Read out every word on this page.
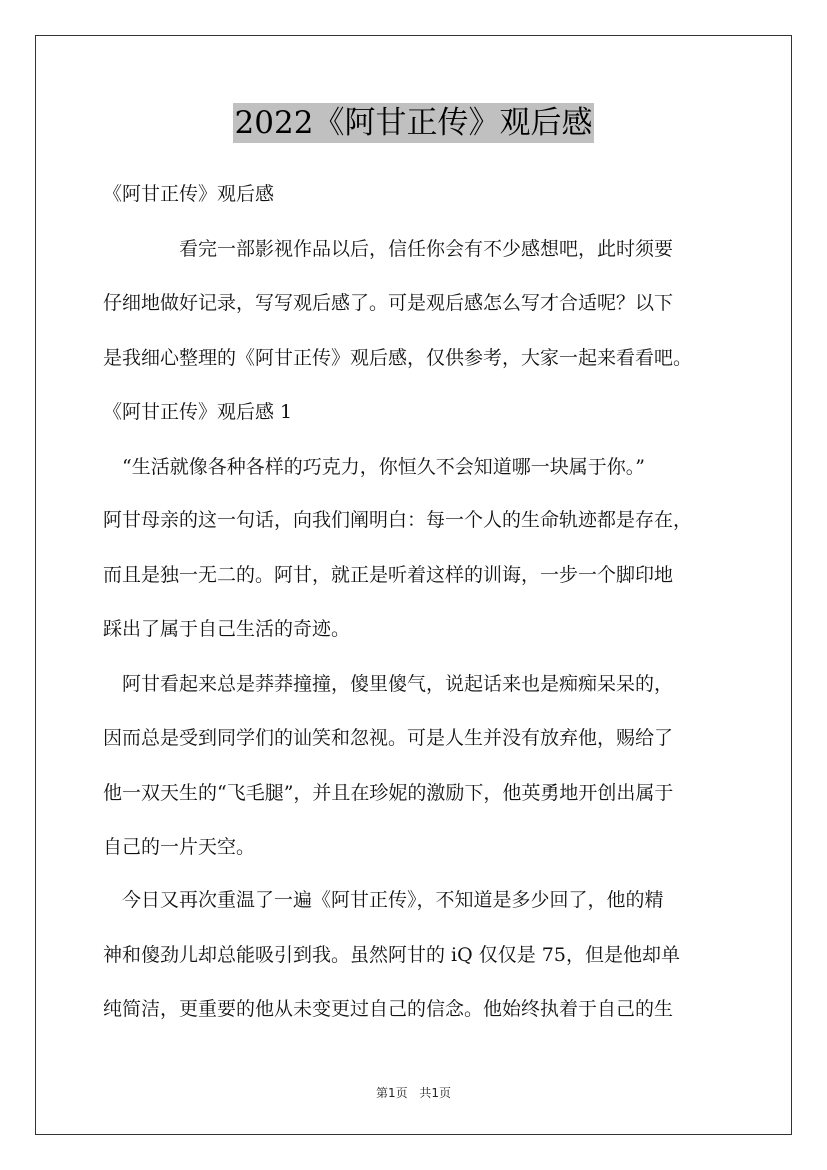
2022《阿甘正传》观后感
《阿甘正传》观后感
　　　　看完一部影视作品以后，信任你会有不少感想吧，此时须要
仔细地做好记录，写写观后感了。可是观后感怎么写才合适呢？以下
是我细心整理的《阿甘正传》观后感，仅供参考，大家一起来看看吧。
《阿甘正传》观后感 1
　“生活就像各种各样的巧克力，你恒久不会知道哪一块属于你。”
阿甘母亲的这一句话，向我们阐明白：每一个人的生命轨迹都是存在，
而且是独一无二的。阿甘，就正是听着这样的训诲，一步一个脚印地
踩出了属于自己生活的奇迹。
　阿甘看起来总是莽莽撞撞，傻里傻气，说起话来也是痴痴呆呆的，
因而总是受到同学们的讪笑和忽视。可是人生并没有放弃他，赐给了
他一双天生的“飞毛腿”，并且在珍妮的激励下，他英勇地开创出属于
自己的一片天空。
　今日又再次重温了一遍《阿甘正传》，不知道是多少回了，他的精
神和傻劲儿却总能吸引到我。虽然阿甘的 iQ 仅仅是 75，但是他却单
纯简洁，更重要的他从未变更过自己的信念。他始终执着于自己的生
第1页 共1页
